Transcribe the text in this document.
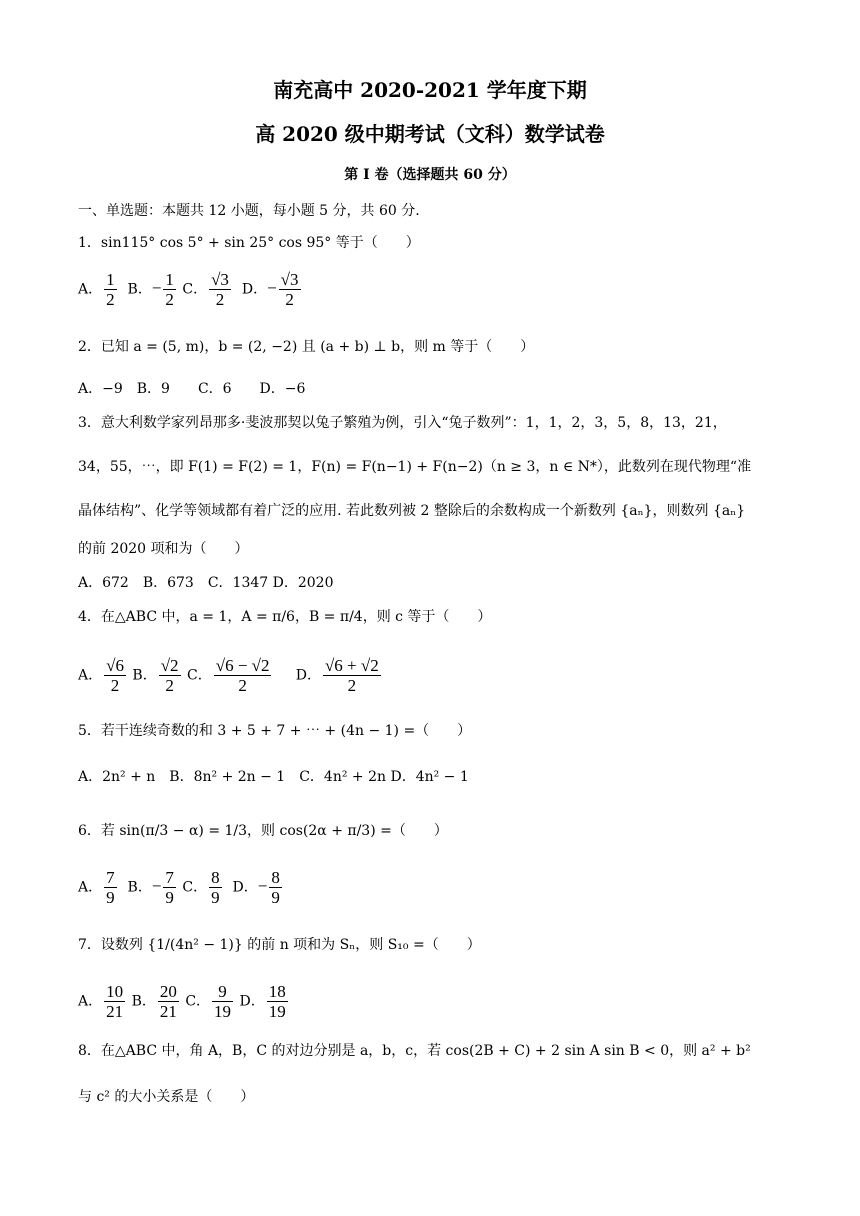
南充高中 2020-2021 学年度下期
高 2020 级中期考试（文科）数学试卷
第 I 卷（选择题共 60 分）
一、单选题：本题共 12 小题，每小题 5 分，共 60 分.
1．sin115° cos 5° + sin 25° cos 95° 等于（　　）
A． $\frac{1}{2}$ B．− $\frac{1}{2}$ C． $\frac{√3}{2}$ D．− $\frac{√3}{2}$
2．已知 a = (5, m)，b = (2, −2) 且 (a + b) ⊥ b，则 m 等于（　　）
A．−9　B．9　　C．6　　D．−6
3．意大利数学家列昂那多·斐波那契以兔子繁殖为例，引入“兔子数列”：1，1，2，3，5，8，13，21，
34，55，⋯，即 F(1) = F(2) = 1，F(n) = F(n−1) + F(n−2)（n ≥ 3，n ∈ N*），此数列在现代物理“准
晶体结构”、化学等领域都有着广泛的应用. 若此数列被 2 整除后的余数构成一个新数列 {aₙ}，则数列 {aₙ}
的前 2020 项和为（　　）
A．672　B．673　C．1347 D．2020
4．在△ABC 中，a = 1，A = π/6，B = π/4，则 c 等于（　　）
A． $\frac{√6}{2}$ B． $\frac{√2}{2}$ C． $\frac{√6 - √2}{2}$ D． $\frac{√6 + √2}{2}$
5．若干连续奇数的和 3 + 5 + 7 + ⋯ + (4n − 1) =（　　）
A．2n² + n　B．8n² + 2n − 1　C．4n² + 2n D．4n² − 1
6．若 sin(π/3 − α) = 1/3，则 cos(2α + π/3) =（　　）
A． $\frac{7}{9}$ B．− $\frac{7}{9}$ C． $\frac{8}{9}$ D．− $\frac{8}{9}$
7．设数列 {1/(4n² − 1)} 的前 n 项和为 Sₙ，则 S₁₀ =（　　）
A． $\frac{10}{21}$ B． $\frac{20}{21}$ C． $\frac{9}{19}$ D． $\frac{18}{19}$
8．在△ABC 中，角 A，B，C 的对边分别是 a，b，c，若 cos(2B + C) + 2 sin A sin B < 0，则 a² + b²
与 c² 的大小关系是（　　）
